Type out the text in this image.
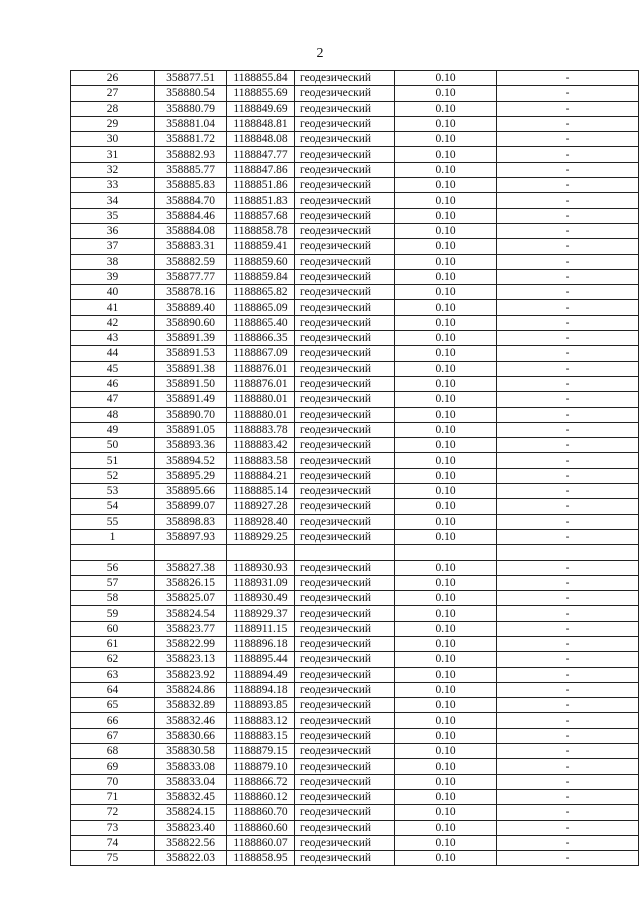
2
26	358877.51	1188855.84	геодезический	0.10	-
27	358880.54	1188855.69	геодезический	0.10	-
28	358880.79	1188849.69	геодезический	0.10	-
29	358881.04	1188848.81	геодезический	0.10	-
30	358881.72	1188848.08	геодезический	0.10	-
31	358882.93	1188847.77	геодезический	0.10	-
32	358885.77	1188847.86	геодезический	0.10	-
33	358885.83	1188851.86	геодезический	0.10	-
34	358884.70	1188851.83	геодезический	0.10	-
35	358884.46	1188857.68	геодезический	0.10	-
36	358884.08	1188858.78	геодезический	0.10	-
37	358883.31	1188859.41	геодезический	0.10	-
38	358882.59	1188859.60	геодезический	0.10	-
39	358877.77	1188859.84	геодезический	0.10	-
40	358878.16	1188865.82	геодезический	0.10	-
41	358889.40	1188865.09	геодезический	0.10	-
42	358890.60	1188865.40	геодезический	0.10	-
43	358891.39	1188866.35	геодезический	0.10	-
44	358891.53	1188867.09	геодезический	0.10	-
45	358891.38	1188876.01	геодезический	0.10	-
46	358891.50	1188876.01	геодезический	0.10	-
47	358891.49	1188880.01	геодезический	0.10	-
48	358890.70	1188880.01	геодезический	0.10	-
49	358891.05	1188883.78	геодезический	0.10	-
50	358893.36	1188883.42	геодезический	0.10	-
51	358894.52	1188883.58	геодезический	0.10	-
52	358895.29	1188884.21	геодезический	0.10	-
53	358895.66	1188885.14	геодезический	0.10	-
54	358899.07	1188927.28	геодезический	0.10	-
55	358898.83	1188928.40	геодезический	0.10	-
1	358897.93	1188929.25	геодезический	0.10	-

56	358827.38	1188930.93	геодезический	0.10	-
57	358826.15	1188931.09	геодезический	0.10	-
58	358825.07	1188930.49	геодезический	0.10	-
59	358824.54	1188929.37	геодезический	0.10	-
60	358823.77	1188911.15	геодезический	0.10	-
61	358822.99	1188896.18	геодезический	0.10	-
62	358823.13	1188895.44	геодезический	0.10	-
63	358823.92	1188894.49	геодезический	0.10	-
64	358824.86	1188894.18	геодезический	0.10	-
65	358832.89	1188893.85	геодезический	0.10	-
66	358832.46	1188883.12	геодезический	0.10	-
67	358830.66	1188883.15	геодезический	0.10	-
68	358830.58	1188879.15	геодезический	0.10	-
69	358833.08	1188879.10	геодезический	0.10	-
70	358833.04	1188866.72	геодезический	0.10	-
71	358832.45	1188860.12	геодезический	0.10	-
72	358824.15	1188860.70	геодезический	0.10	-
73	358823.40	1188860.60	геодезический	0.10	-
74	358822.56	1188860.07	геодезический	0.10	-
75	358822.03	1188858.95	геодезический	0.10	-
